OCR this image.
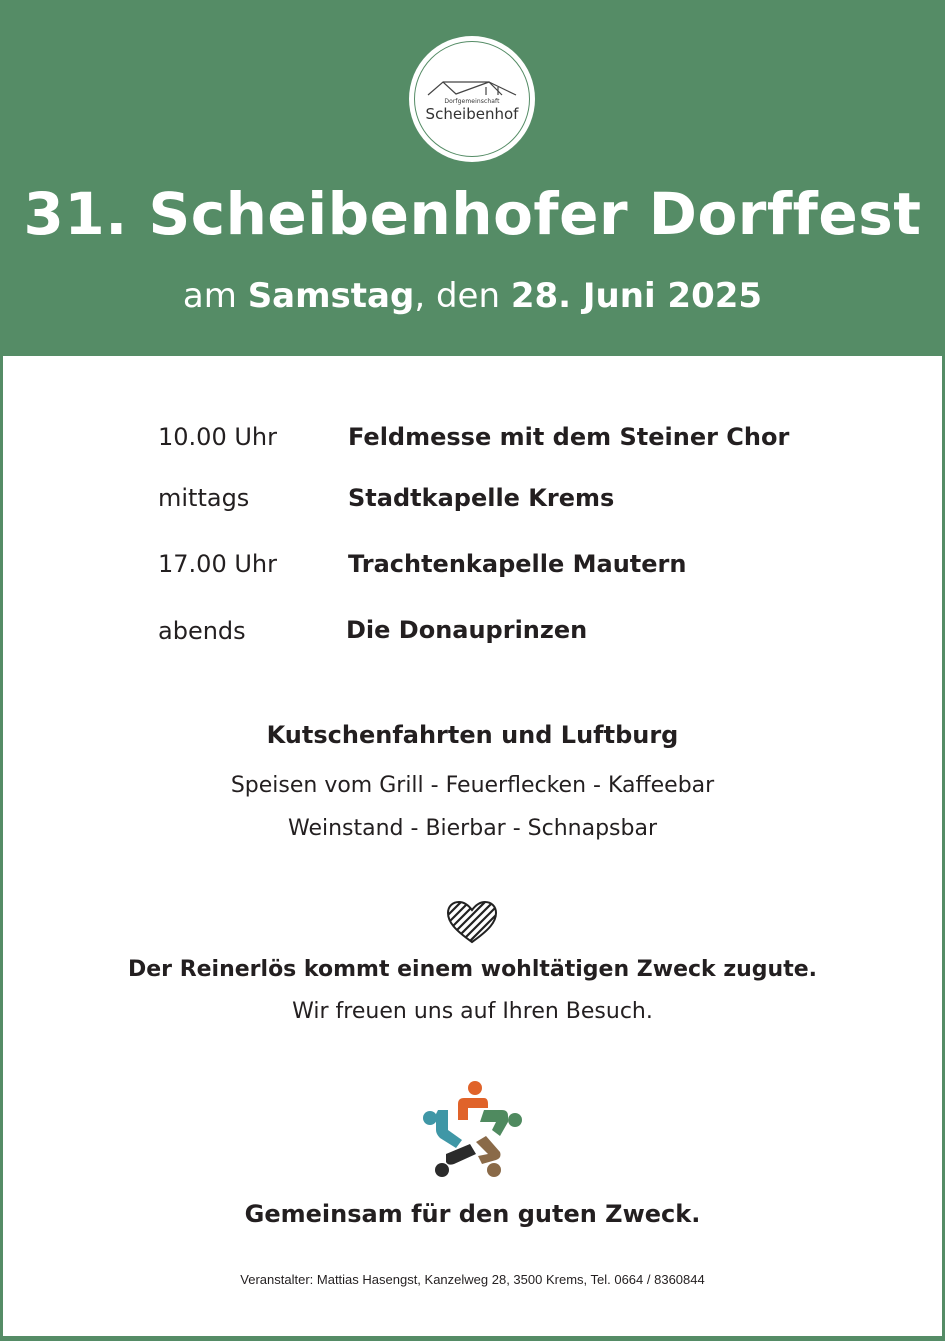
Dorfgemeinschaft
Scheibenhof
31. Scheibenhofer Dorffest
am Samstag, den 28. Juni 2025
10.00 Uhr	Feldmesse mit dem Steiner Chor
mittags	Stadtkapelle Krems
17.00 Uhr	Trachtenkapelle Mautern
abends	Die Donauprinzen
Kutschenfahrten und Luftburg
Speisen vom Grill - Feuerflecken - Kaffeebar
Weinstand - Bierbar - Schnapsbar
Der Reinerlös kommt einem wohltätigen Zweck zugute.
Wir freuen uns auf Ihren Besuch.
Gemeinsam für den guten Zweck.
Veranstalter: Mattias Hasengst, Kanzelweg 28, 3500 Krems, Tel. 0664 / 8360844
